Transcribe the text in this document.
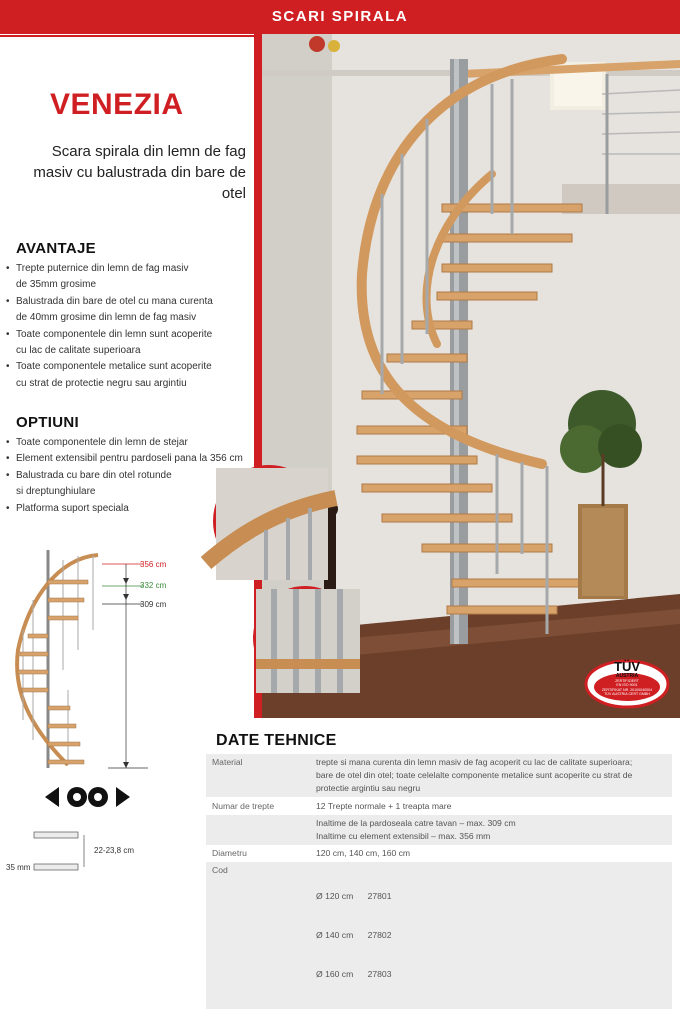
SCARI SPIRALA
VENEZIA
Scara spirala din lemn de fag
masiv cu balustrada din bare de otel
AVANTAJE
• Trepte puternice din lemn de fag masiv
de 35mm grosime
• Balustrada din bare de otel cu mana curenta
de 40mm grosime din lemn de fag masiv
• Toate componentele din lemn sunt acoperite
cu lac de calitate superioara
• Toate componentele metalice sunt acoperite
cu strat de protectie negru sau argintiu
OPTIUNI
• Toate componentele din lemn de stejar
• Element extensibil pentru pardoseli pana la 356 cm
• Balustrada cu bare din otel rotunde
si dreptunghiulare
• Platforma suport speciala
356 cm
332 cm
309 cm
22-23,8 cm
35 mm
TÜV
AUSTRIA
ZERTIFIZIERT
EN ISO 9001
ZERTIFIKAT NR. 20100040004
TÜV AUSTRIA CERT GMBH
DATE TEHNICE
Material	trepte si mana curenta din lemn masiv de fag acoperit cu lac de calitate superioara;
bare de otel din otel; toate celelalte componente metalice sunt acoperite cu strat de
protectie argintiu sau negru

Numar de trepte	12 Trepte normale + 1 treapta mare

	Inaltime de la pardoseala catre tavan – max. 309 cm
Inaltime cu element extensibil – max. 356 mm

Diametru	120 cm, 140 cm, 160 cm

Cod	Ø 120 cm      27801

Ø 140 cm      27802

Ø 160 cm      27803
